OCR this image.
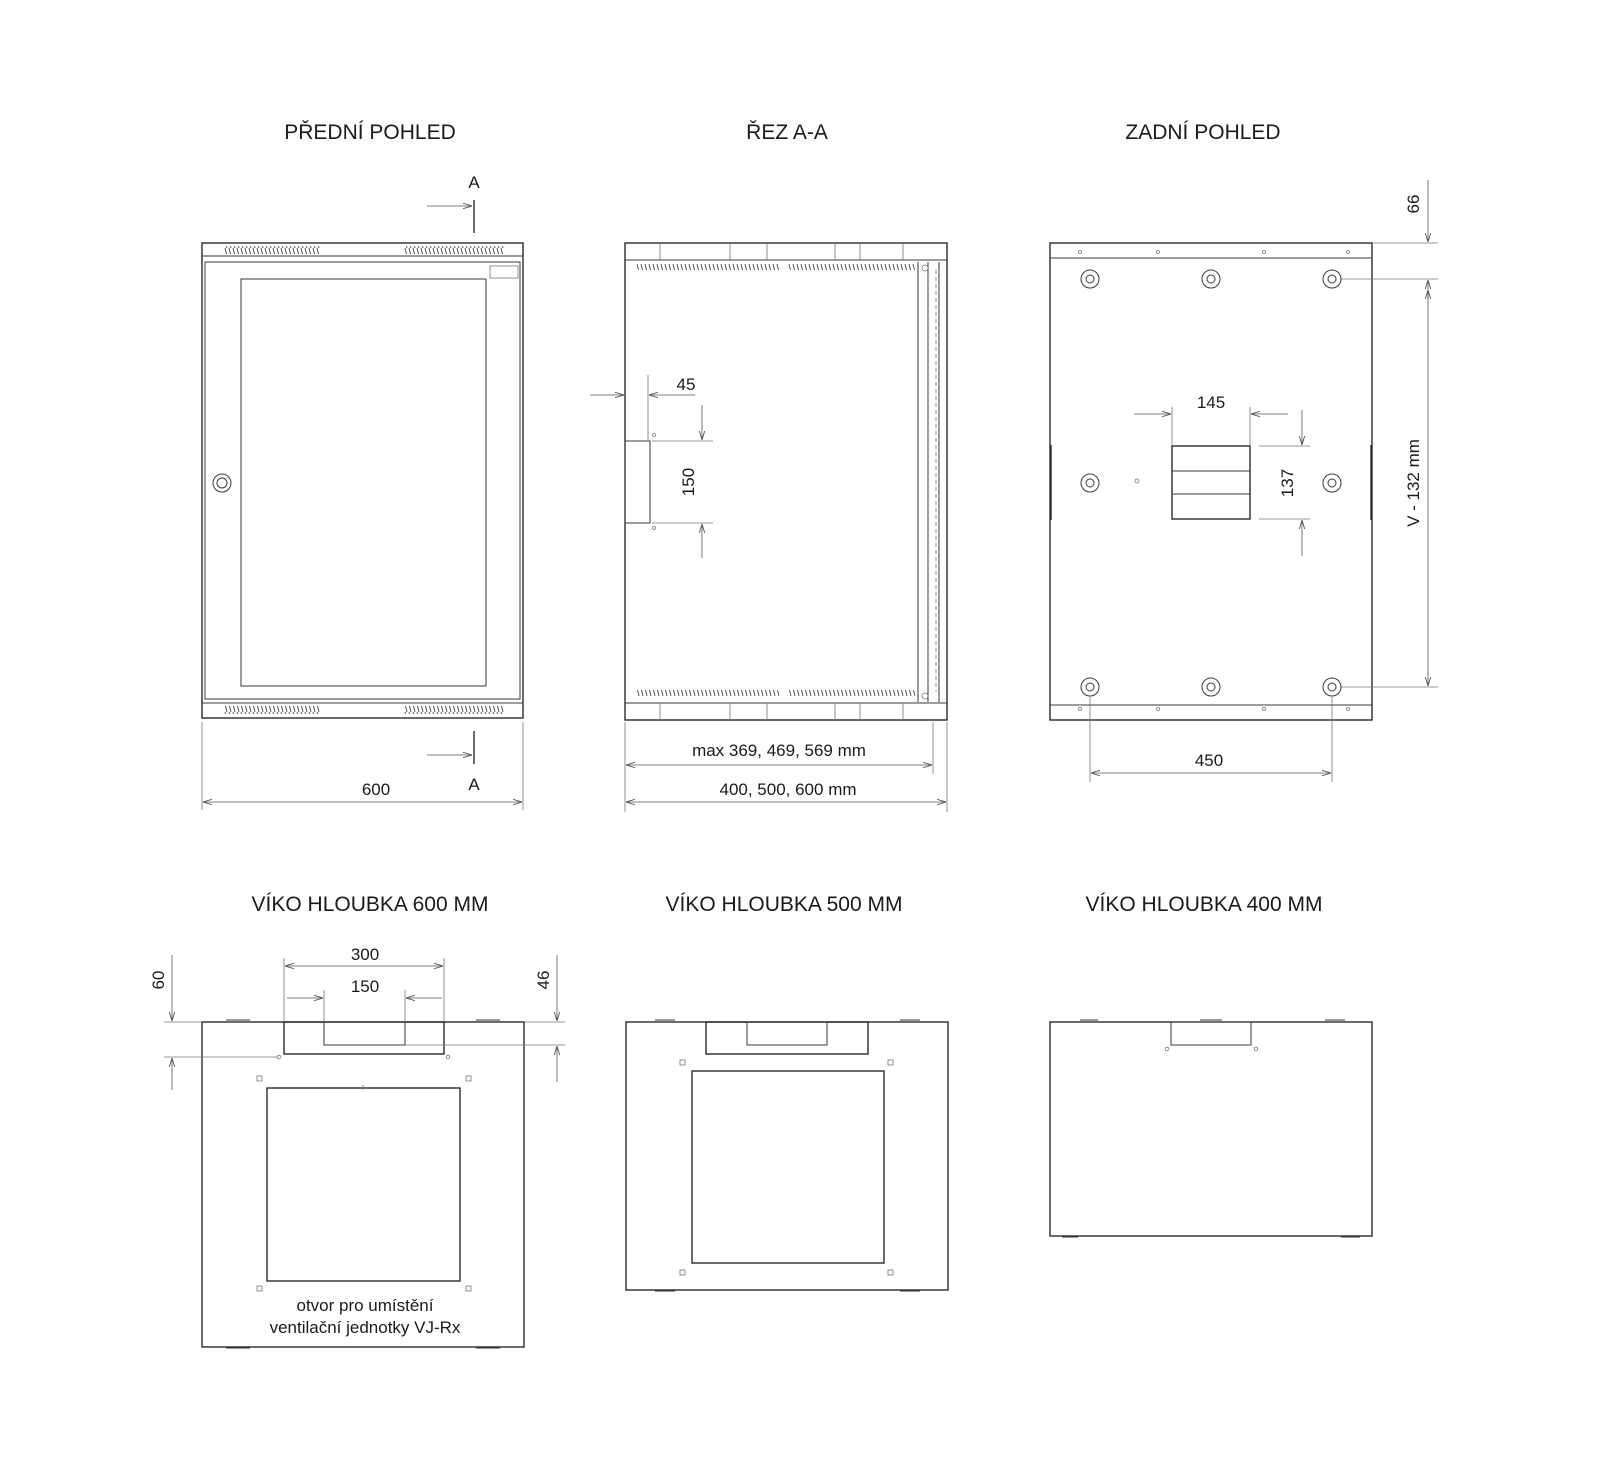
PŘEDNÍ POHLED	ŘEZ A-A	ZADNÍ POHLED
VÍKO HLOUBKA 600 MM	VÍKO HLOUBKA 500 MM	VÍKO HLOUBKA 400 MM
A
A
600
45
150
max 369, 469, 569 mm
400, 500, 600 mm
66
V - 132 mm
145
137
450
otvor pro umístění
ventilační jednotky VJ-Rx
300
150
60	46
